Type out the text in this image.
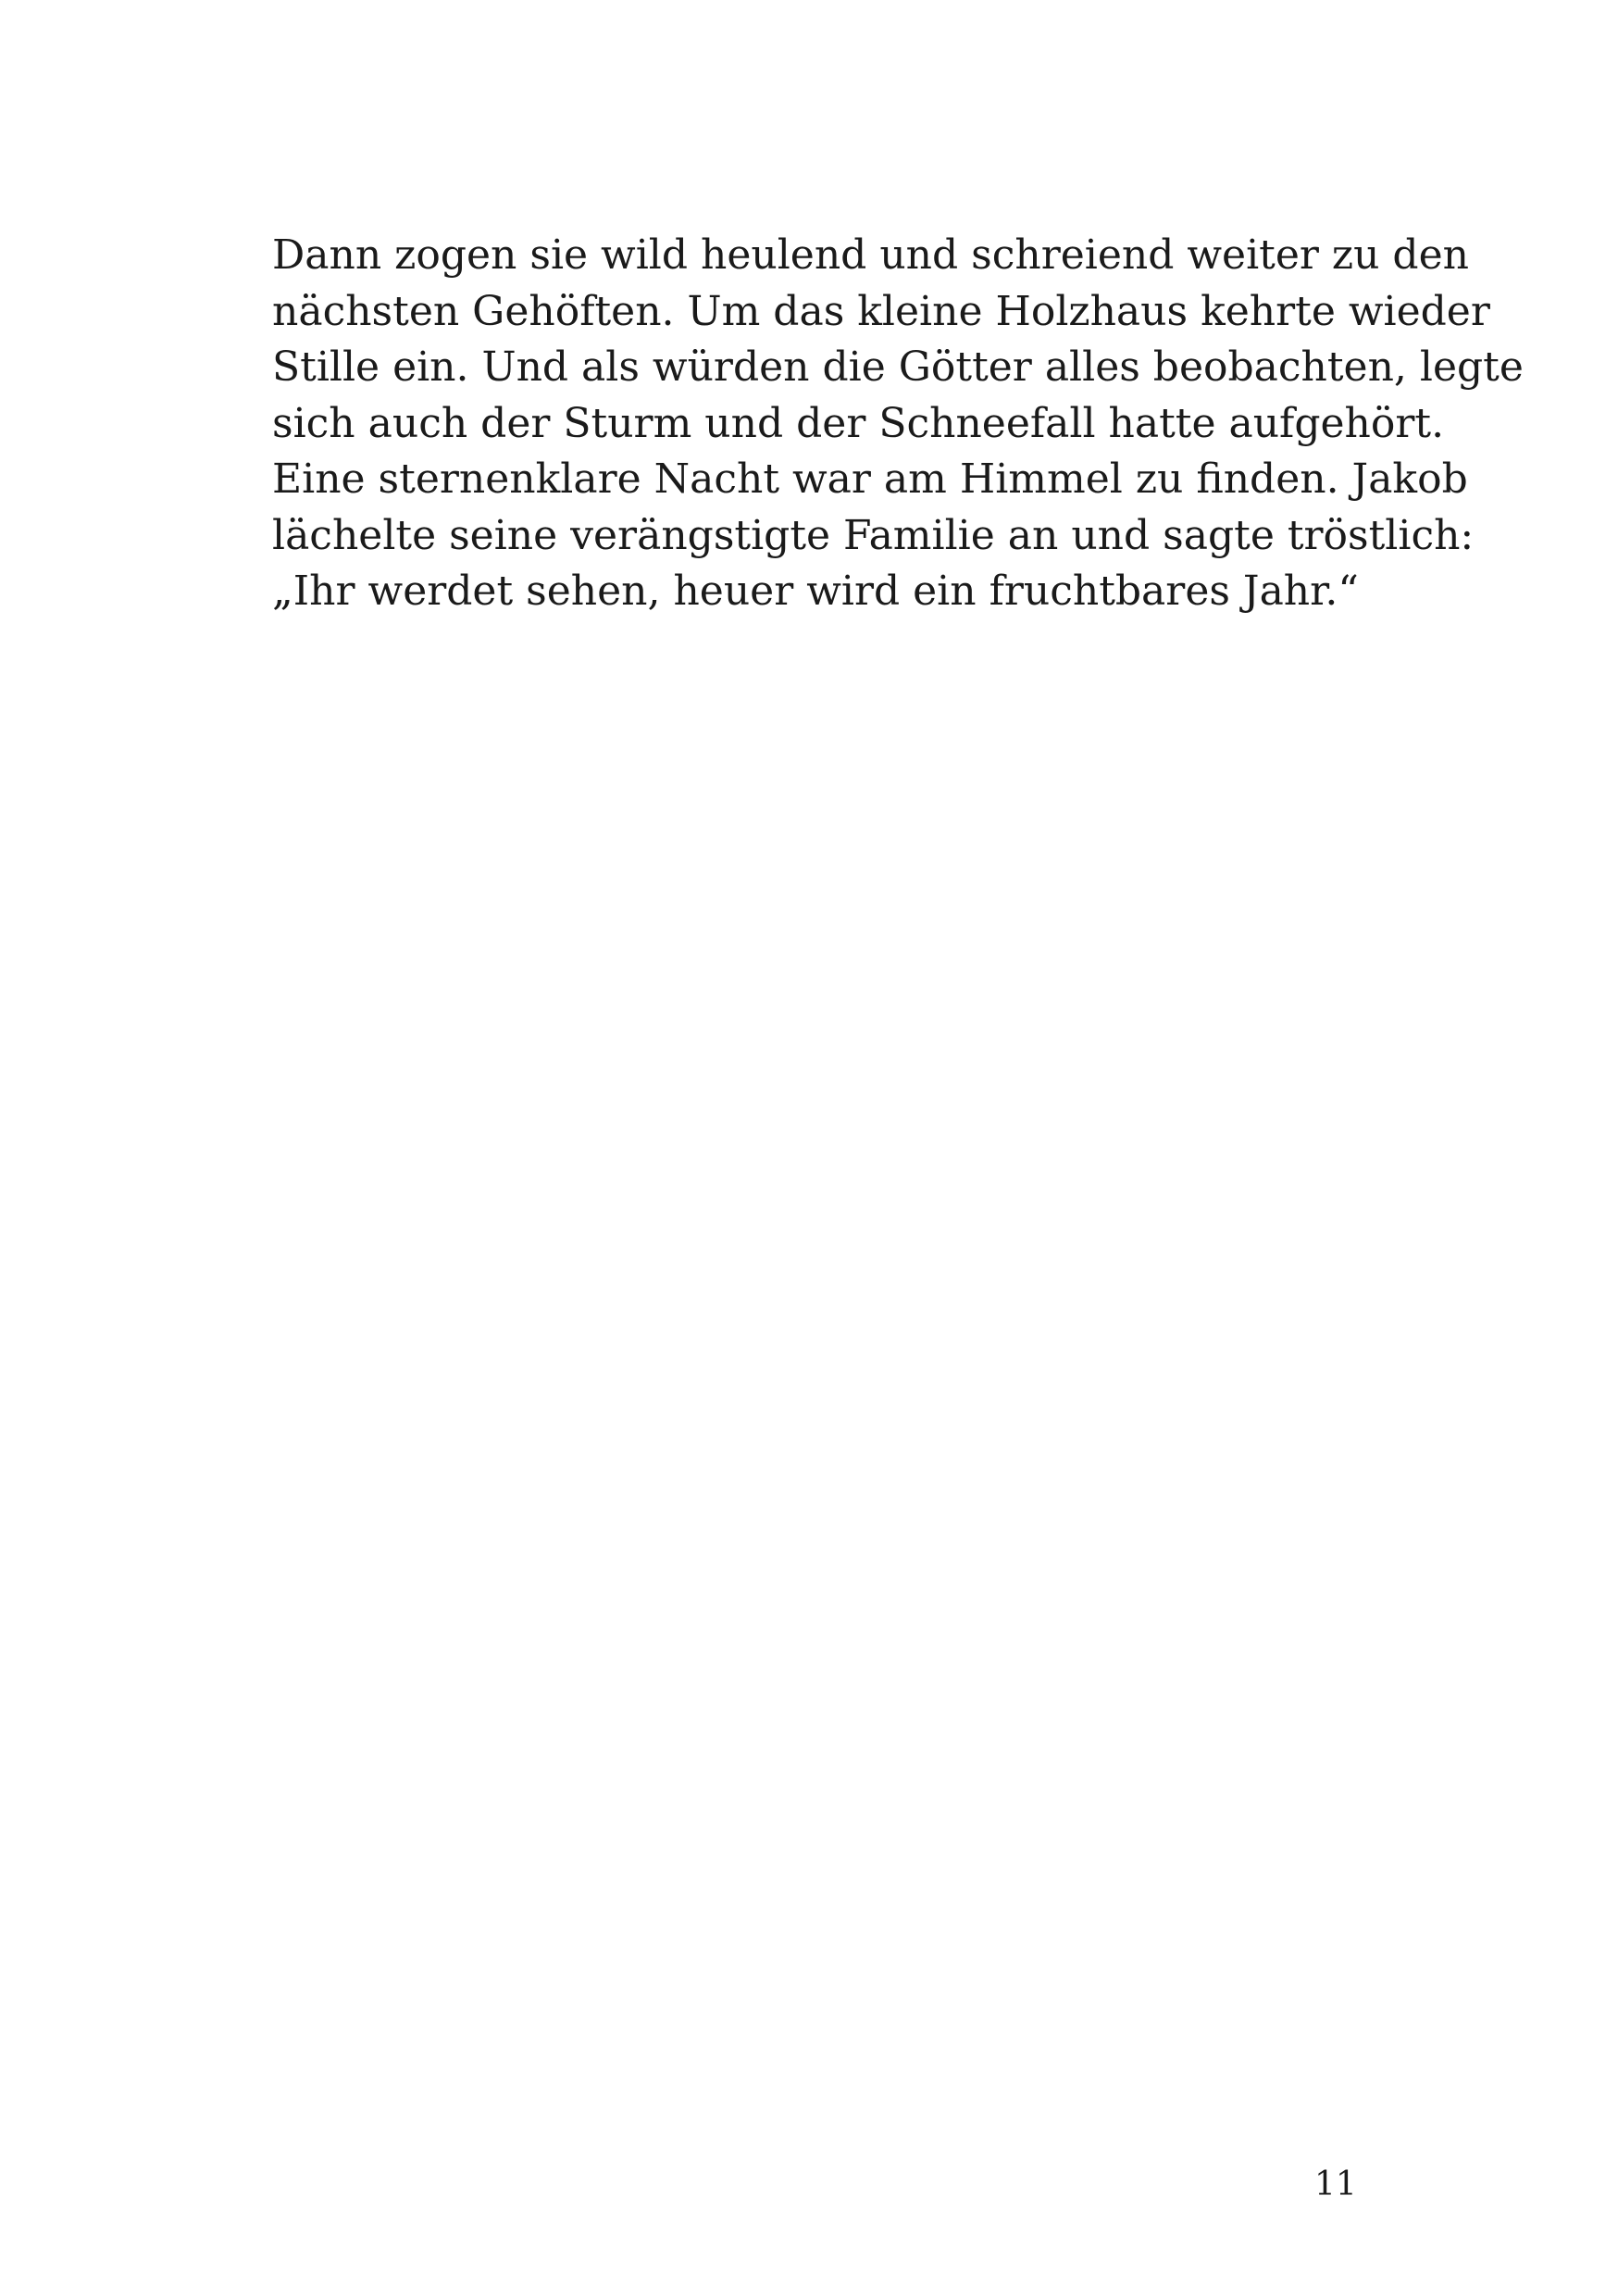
Dann zogen sie wild heulend und schreiend weiter zu den
nächsten Gehöften. Um das kleine Holzhaus kehrte wieder
Stille ein. Und als würden die Götter alles beobachten, legte
sich auch der Sturm und der Schneefall hatte aufgehört.
Eine sternenklare Nacht war am Himmel zu finden. Jakob
lächelte seine verängstigte Familie an und sagte tröstlich:
„Ihr werdet sehen, heuer wird ein fruchtbares Jahr.“
11
